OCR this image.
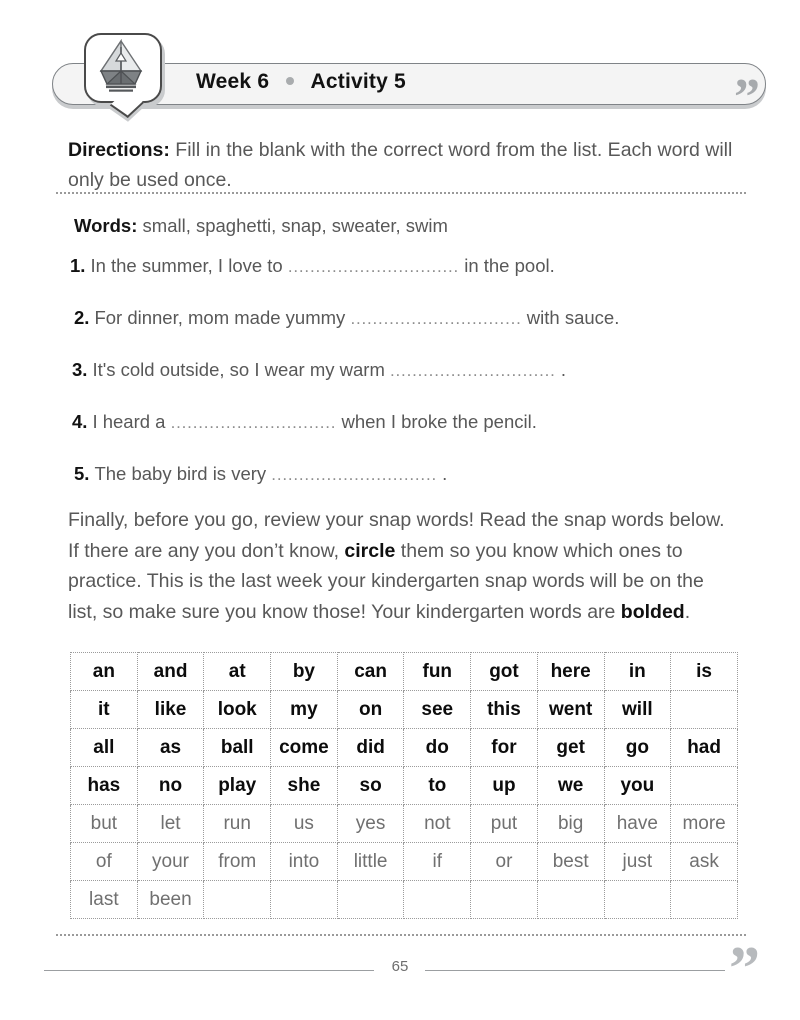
Week 6 Activity 5	”
Directions: Fill in the blank with the correct word from the list. Each word will only be used once.
Words: small, spaghetti, snap, sweater, swim
1. In the summer, I love to ............................... in the pool.
2. For dinner, mom made yummy ............................... with sauce.
3. It's cold outside, so I wear my warm .............................. .
4. I heard a .............................. when I broke the pencil.
5. The baby bird is very .............................. .
Finally, before you go, review your snap words! Read the snap words below. If there are any you don’t know, circle them so you know which ones to practice. This is the last week your kindergarten snap words will be on the list, so make sure you know those! Your kindergarten words are bolded.
an	and	at	by	can	fun	got	here	in	is
it	like	look	my	on	see	this	went	will	
all	as	ball	come	did	do	for	get	go	had
has	no	play	she	so	to	up	we	you	
but	let	run	us	yes	not	put	big	have	more
of	your	from	into	little	if	or	best	just	ask
last	been								
65	”
